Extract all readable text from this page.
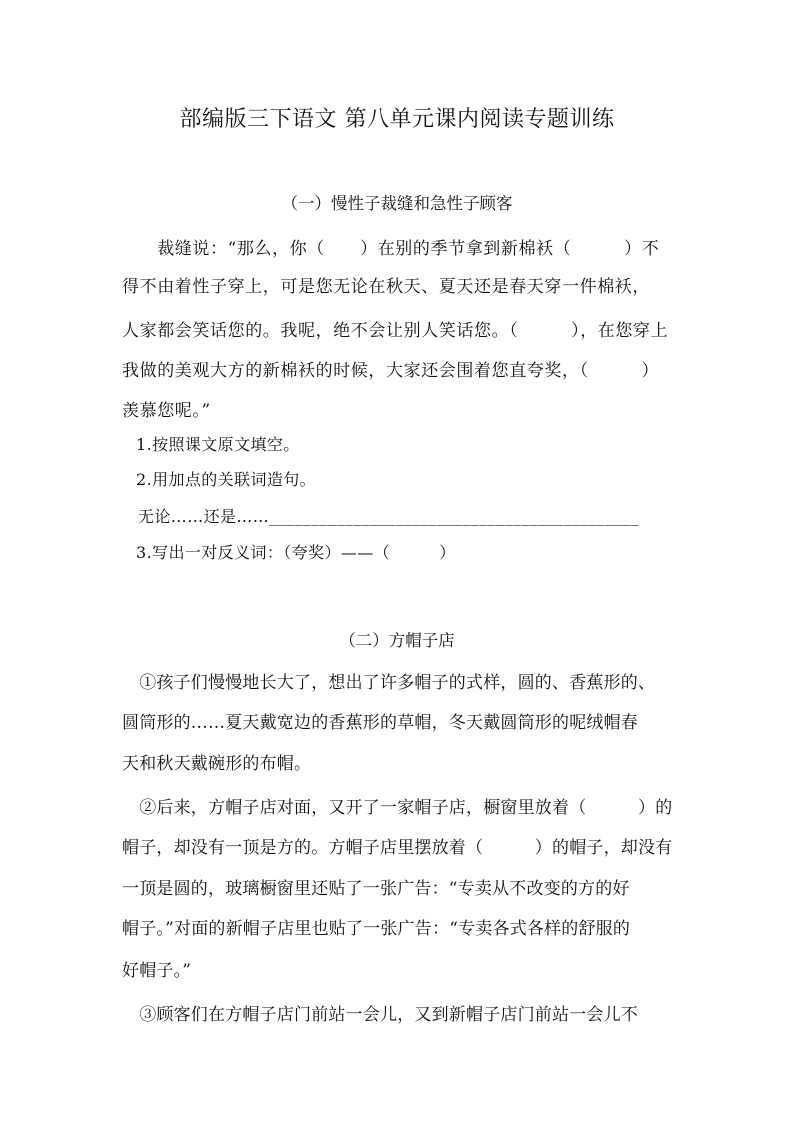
部编版三下语文 第八单元课内阅读专题训练
（一）慢性子裁缝和急性子顾客
　　裁缝说：“那么，你（　　）在别的季节拿到新棉袄（　　　）不
得不由着性子穿上，可是您无论在秋天、夏天还是春天穿一件棉袄，
人家都会笑话您的。我呢，绝不会让别人笑话您。（　　　），在您穿上
我做的美观大方的新棉袄的时候，大家还会围着您直夸奖，（　　　）
羡慕您呢。”
1.按照课文原文填空。
2.用加点的关联词造句。
无论……还是……____________________________________________
3.写出一对反义词：（夸奖）——（　　　）
（二）方帽子店
　①孩子们慢慢地长大了，想出了许多帽子的式样，圆的、香蕉形的、
圆筒形的……夏天戴宽边的香蕉形的草帽，冬天戴圆筒形的呢绒帽春
天和秋天戴碗形的布帽。
　②后来，方帽子店对面，又开了一家帽子店，橱窗里放着（　　　）的
帽子，却没有一顶是方的。方帽子店里摆放着（　　　）的帽子，却没有
一顶是圆的，玻璃橱窗里还贴了一张广告：“专卖从不改变的方的好
帽子。”对面的新帽子店里也贴了一张广告：“专卖各式各样的舒服的
好帽子。”
　③顾客们在方帽子店门前站一会儿，又到新帽子店门前站一会儿不
